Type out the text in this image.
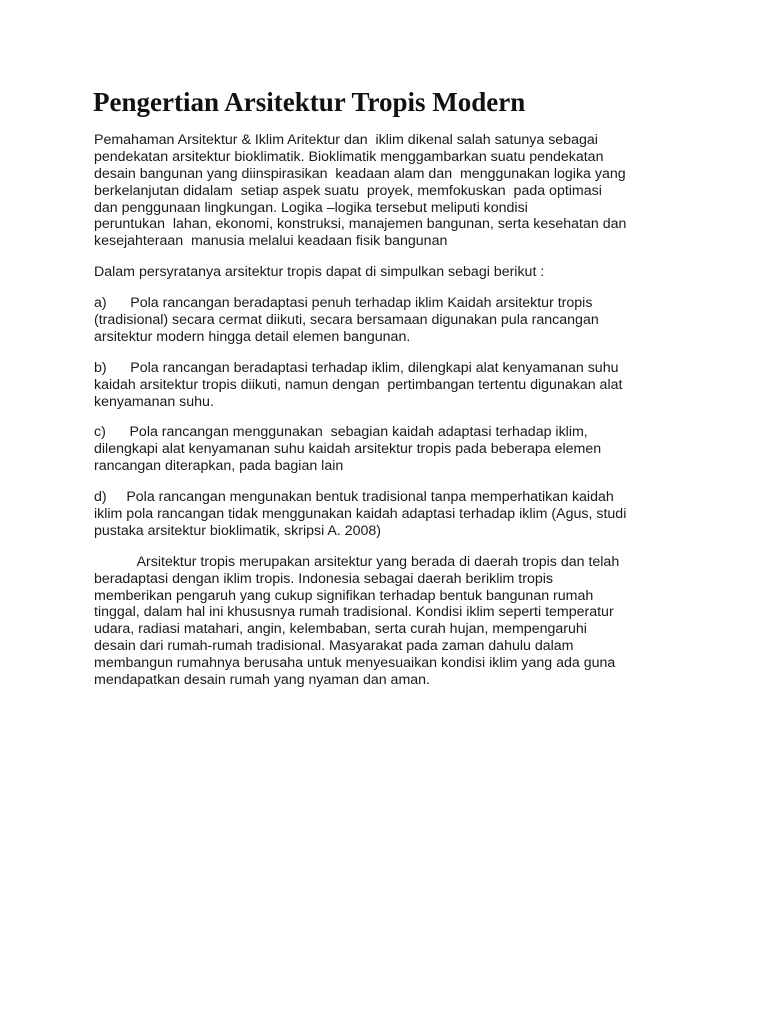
Pengertian Arsitektur Tropis Modern

Pemahaman Arsitektur & Iklim Aritektur dan  iklim dikenal salah satunya sebagai
pendekatan arsitektur bioklimatik. Bioklimatik menggambarkan suatu pendekatan
desain bangunan yang diinspirasikan  keadaan alam dan  menggunakan logika yang
berkelanjutan didalam  setiap aspek suatu  proyek, memfokuskan  pada optimasi
dan penggunaan lingkungan. Logika –logika tersebut meliputi kondisi
peruntukan  lahan, ekonomi, konstruksi, manajemen bangunan, serta kesehatan dan
kesejahteraan  manusia melalui keadaan fisik bangunan

Dalam persyratanya arsitektur tropis dapat di simpulkan sebagi berikut :

a)      Pola rancangan beradaptasi penuh terhadap iklim Kaidah arsitektur tropis
(tradisional) secara cermat diikuti, secara bersamaan digunakan pula rancangan
arsitektur modern hingga detail elemen bangunan.

b)      Pola rancangan beradaptasi terhadap iklim, dilengkapi alat kenyamanan suhu
kaidah arsitektur tropis diikuti, namun dengan  pertimbangan tertentu digunakan alat
kenyamanan suhu.

c)      Pola rancangan menggunakan  sebagian kaidah adaptasi terhadap iklim,
dilengkapi alat kenyamanan suhu kaidah arsitektur tropis pada beberapa elemen
rancangan diterapkan, pada bagian lain

d)     Pola rancangan mengunakan bentuk tradisional tanpa memperhatikan kaidah
iklim pola rancangan tidak menggunakan kaidah adaptasi terhadap iklim (Agus, studi
pustaka arsitektur bioklimatik, skripsi A. 2008)

Arsitektur tropis merupakan arsitektur yang berada di daerah tropis dan telah
beradaptasi dengan iklim tropis. Indonesia sebagai daerah beriklim tropis
memberikan pengaruh yang cukup signifikan terhadap bentuk bangunan rumah
tinggal, dalam hal ini khususnya rumah tradisional. Kondisi iklim seperti temperatur
udara, radiasi matahari, angin, kelembaban, serta curah hujan, mempengaruhi
desain dari rumah-rumah tradisional. Masyarakat pada zaman dahulu dalam
membangun rumahnya berusaha untuk menyesuaikan kondisi iklim yang ada guna
mendapatkan desain rumah yang nyaman dan aman.
